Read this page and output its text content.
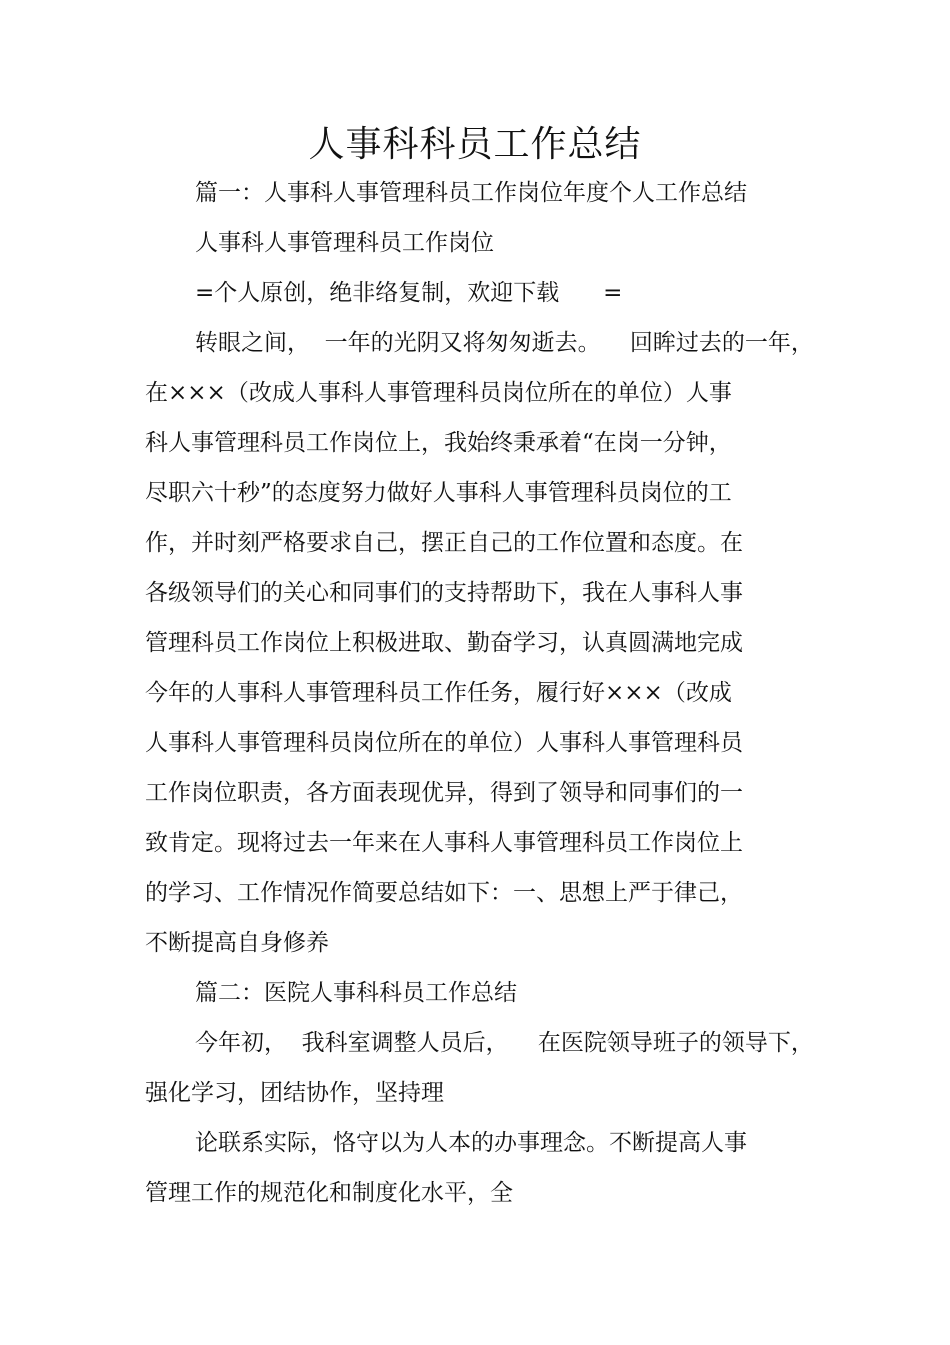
人事科科员工作总结
篇一：人事科人事管理科员工作岗位年度个人工作总结
人事科人事管理科员工作岗位
=个人原创，绝非络复制，欢迎下载      =
转眼之间，  一年的光阴又将匆匆逝去。    回眸过去的一年，
在×××（改成人事科人事管理科员岗位所在的单位）人事
科人事管理科员工作岗位上，我始终秉承着“在岗一分钟，
尽职六十秒”的态度努力做好人事科人事管理科员岗位的工
作，并时刻严格要求自己，摆正自己的工作位置和态度。在
各级领导们的关心和同事们的支持帮助下，我在人事科人事
管理科员工作岗位上积极进取、勤奋学习，认真圆满地完成
今年的人事科人事管理科员工作任务，履行好×××（改成
人事科人事管理科员岗位所在的单位）人事科人事管理科员
工作岗位职责，各方面表现优异，得到了领导和同事们的一
致肯定。现将过去一年来在人事科人事管理科员工作岗位上
的学习、工作情况作简要总结如下：一、思想上严于律己，
不断提高自身修养
篇二：医院人事科科员工作总结
今年初，  我科室调整人员后，    在医院领导班子的领导下，
强化学习，团结协作，坚持理
论联系实际，恪守以为人本的办事理念。不断提高人事
管理工作的规范化和制度化水平，全
